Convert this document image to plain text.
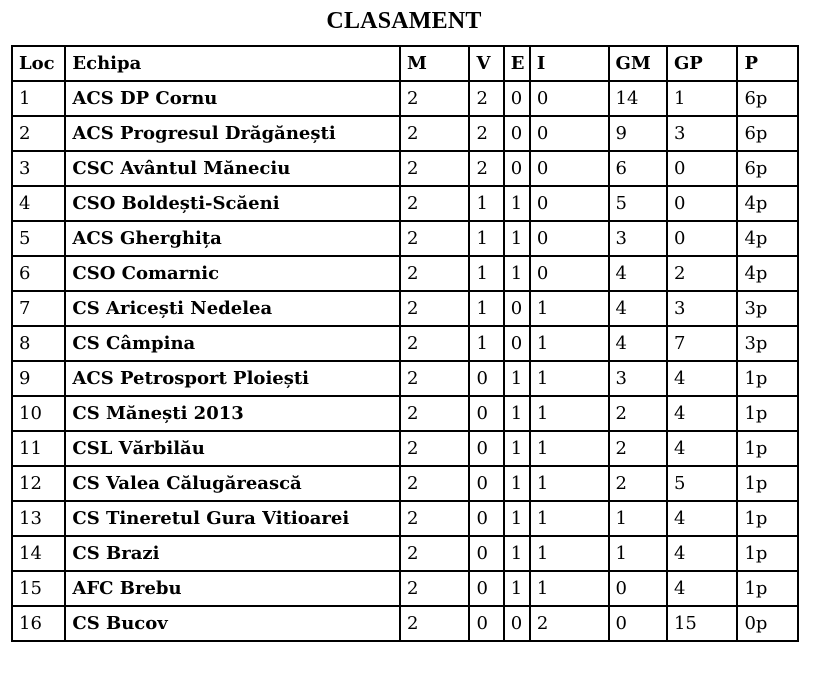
CLASAMENT
Loc	Echipa	M	V	E	I	GM	GP	P
1	ACS DP Cornu	2	2	0	0	14	1	6p
2	ACS Progresul Drăgănești	2	2	0	0	9	3	6p
3	CSC Avântul Măneciu	2	2	0	0	6	0	6p
4	CSO Boldești-Scăeni	2	1	1	0	5	0	4p
5	ACS Gherghița	2	1	1	0	3	0	4p
6	CSO Comarnic	2	1	1	0	4	2	4p
7	CS Aricești Nedelea	2	1	0	1	4	3	3p
8	CS Câmpina	2	1	0	1	4	7	3p
9	ACS Petrosport Ploiești	2	0	1	1	3	4	1p
10	CS Mănești 2013	2	0	1	1	2	4	1p
11	CSL Vărbilău	2	0	1	1	2	4	1p
12	CS Valea Călugărească	2	0	1	1	2	5	1p
13	CS Tineretul Gura Vitioarei	2	0	1	1	1	4	1p
14	CS Brazi	2	0	1	1	1	4	1p
15	AFC Brebu	2	0	1	1	0	4	1p
16	CS Bucov	2	0	0	2	0	15	0p
